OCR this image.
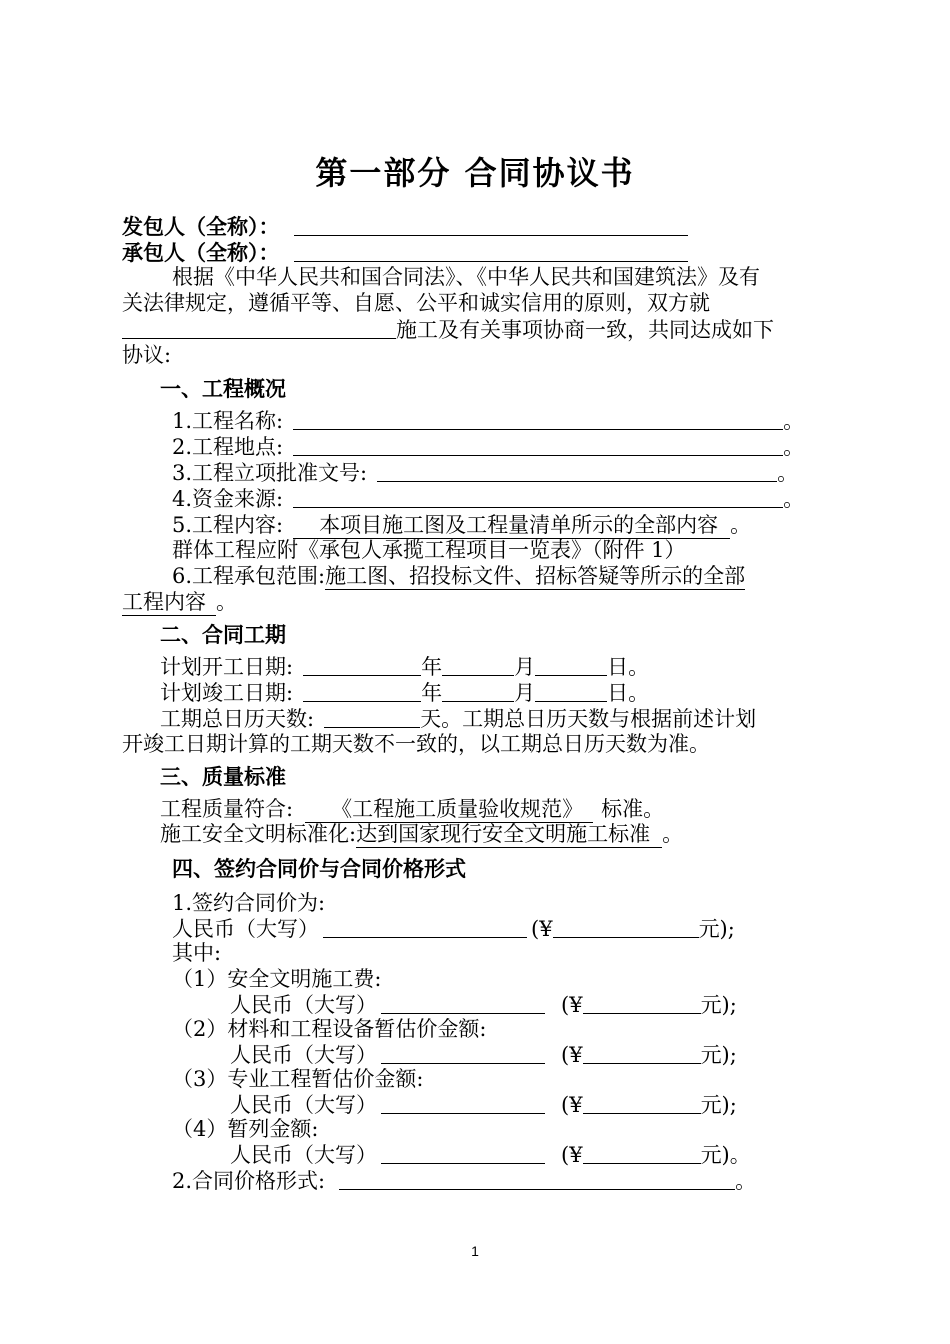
第一部分 合同协议书
发包人（全称）：
承包人（全称）：
根据《中华人民共和国合同法》、《中华人民共和国建筑法》及有
关法律规定，遵循平等、自愿、公平和诚实信用的原则，双方就
施工及有关事项协商一致，共同达成如下
协议:
一、工程概况
1.工程名称:	。
2.工程地点:	。
3.工程立项批准文号:	。
4.资金来源:	。
5.工程内容: 本项目施工图及工程量清单所示的全部内容 。
群体工程应附《承包人承揽工程项目一览表》（附件 1）
6.工程承包范围:施工图、招投标文件、招标答疑等所示的全部
工程内容 。
二、合同工期
计划开工日期:	年	月	日。
计划竣工日期:	年	月	日。
工期总日历天数:	天。工期总日历天数与根据前述计划
开竣工日期计算的工期天数不一致的，以工期总日历天数为准。
三、质量标准
工程质量符合: 《工程施工质量验收规范》 标准。
施工安全文明标准化:达到国家现行安全文明施工标准 。
四、签约合同价与合同价格形式
1.签约合同价为:
人民币（大写）	(¥	元);
其中:
（1）安全文明施工费:
人民币（大写）	(¥	元);
（2）材料和工程设备暂估价金额:
人民币（大写）	(¥	元);
（3）专业工程暂估价金额:
人民币（大写）	(¥	元);
（4）暂列金额:
人民币（大写）	(¥	元)。
2.合同价格形式:	。
1
